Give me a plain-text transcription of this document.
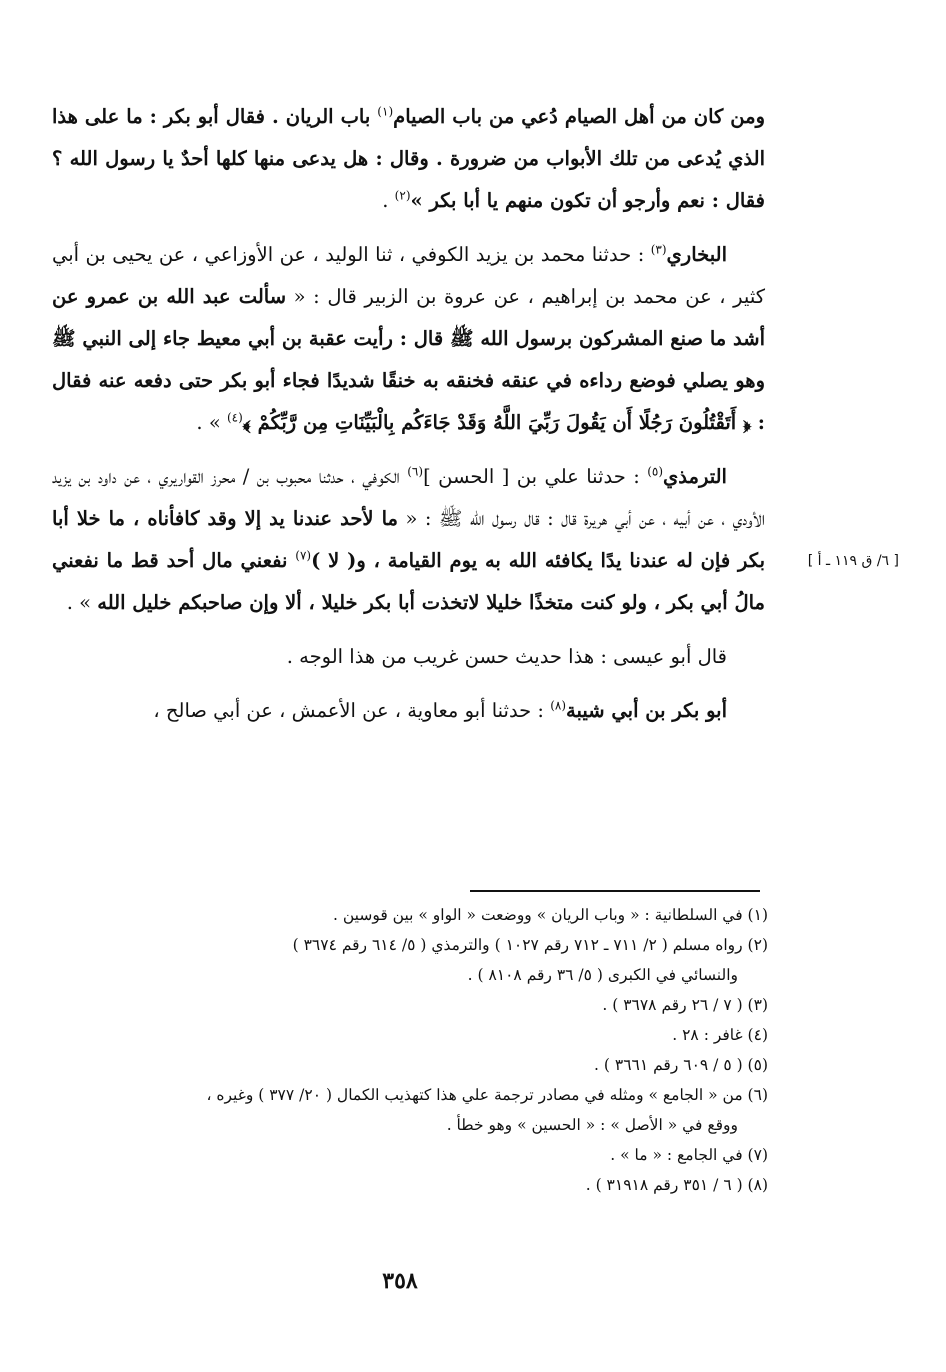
ومن كان من أهل الصيام دُعي من باب الصيام$^{(١)}$ باب الريان . فقال أبو بكر : ما على هذا الذي يُدعى من تلك الأبواب من ضرورة . وقال : هل يدعى منها كلها أحدٌ يا رسول الله ؟ فقال : نعم وأرجو أن تكون منهم يا أبا بكر »$^{(٢)}$ .

البخاري$^{(٣)}$ : حدثنا محمد بن يزيد الكوفي ، ثنا الوليد ، عن الأوزاعي ، عن يحيى بن أبي كثير ، عن محمد بن إبراهيم ، عن عروة بن الزبير قال : « سألت عبد الله بن عمرو عن أشد ما صنع المشركون برسول الله ﷺ قال : رأيت عقبة بن أبي معيط جاء إلى النبي ﷺ وهو يصلي فوضع رداءه في عنقه فخنقه به خنقًا شديدًا فجاء أبو بكر حتى دفعه عنه فقال : ﴿ أَتَقْتُلُونَ رَجُلًا أَن يَقُولَ رَبِّيَ اللَّهُ وَقَدْ جَاءَكُم بِالْبَيِّنَاتِ مِن رَّبِّكُمْ ﴾$^{(٤)}$ » .

الترمذي$^{(٥)}$ : حدثنا علي بن [ الحسن ]$^{(٦)}$ الكوفي ، حدثنا محبوب بن / محرز القواريري ، عن داود بن يزيد الأودي ، عن أبيه ، عن أبي هريرة قال : قال رسول الله ﷺ : « ما لأحد عندنا يد إلا وقد كافأناه ، ما خلا أبا بكر فإن له عندنا يدًا يكافئه الله به يوم القيامة ، و( لا )$^{(٧)}$ نفعني مال أحد قط ما نفعني مالُ أبي بكر ، ولو كنت متخذًا خليلا لاتخذت أبا بكر خليلا ، ألا وإن صاحبكم خليل الله » .

قال أبو عيسى : هذا حديث حسن غريب من هذا الوجه .

أبو بكر بن أبي شيبة$^{(٨)}$ : حدثنا أبو معاوية ، عن الأعمش ، عن أبي صالح ،

[ ٦/ ق ١١٩ ـ أ ]
(١) في السلطانية : « وباب الريان » ووضعت « الواو » بين قوسين .
(٢) رواه مسلم ( ٢/ ٧١١ ـ ٧١٢ رقم ١٠٢٧ ) والترمذي ( ٥/ ٦١٤ رقم ٣٦٧٤ )
والنسائي في الكبرى ( ٥/ ٣٦ رقم ٨١٠٨ ) .
(٣) ( ٧ / ٢٦ رقم ٣٦٧٨ ) .
(٤) غافر : ٢٨ .
(٥) ( ٥ / ٦٠٩ رقم ٣٦٦١ ) .
(٦) من « الجامع » ومثله في مصادر ترجمة علي هذا كتهذيب الكمال ( ٢٠/ ٣٧٧ ) وغيره ،
ووقع في « الأصل » : « الحسين » وهو خطأ .
(٧) في الجامع : « ما » .
(٨) ( ٦ / ٣٥١ رقم ٣١٩١٨ ) .
٣٥٨
